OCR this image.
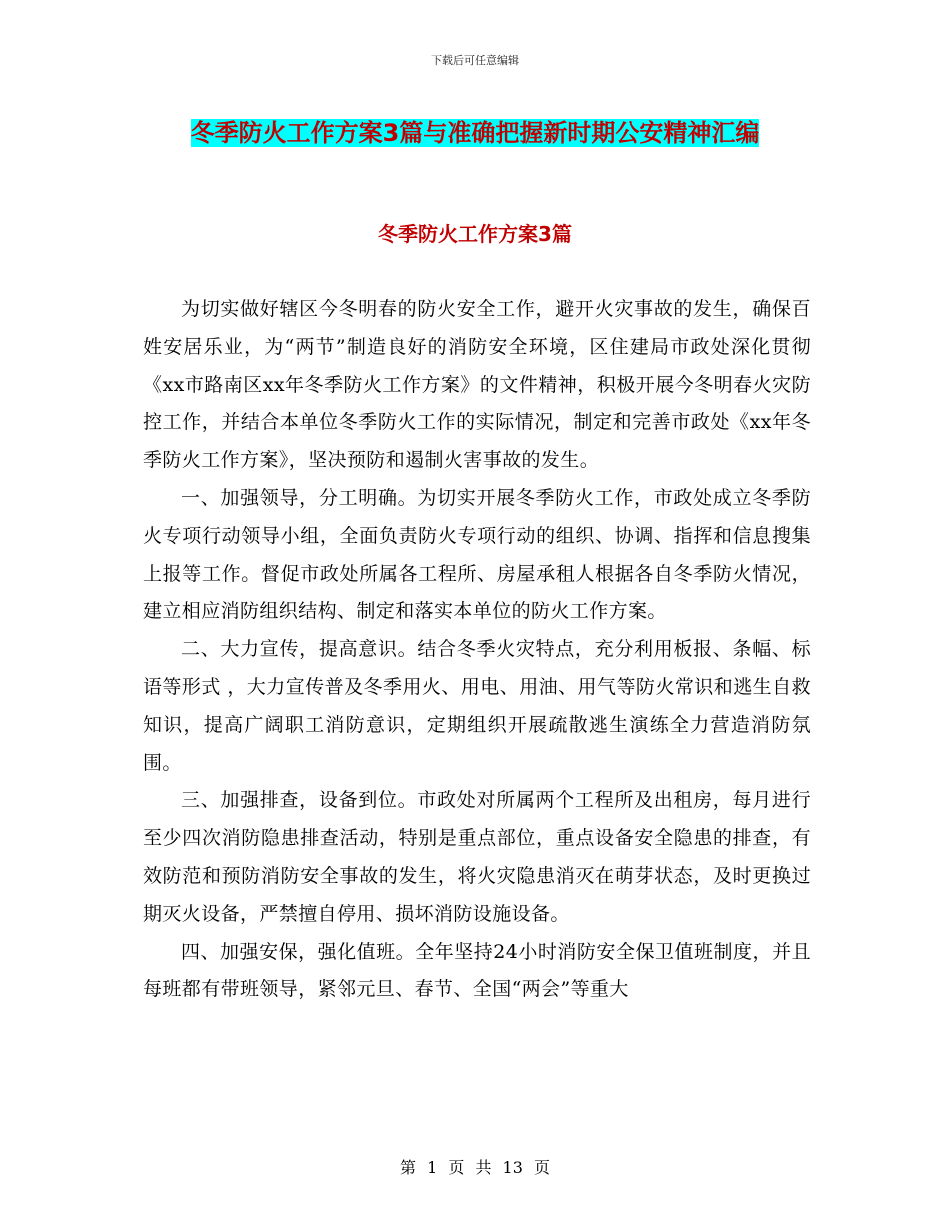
下载后可任意编辑
冬季防火工作方案3篇与准确把握新时期公安精神汇编
冬季防火工作方案3篇

为切实做好辖区今冬明春的防火安全工作，避开火灾事故的发生，确保百姓安居乐业，为“两节”制造良好的消防安全环境，区住建局市政处深化贯彻《xx市路南区xx年冬季防火工作方案》的文件精神，积极开展今冬明春火灾防控工作，并结合本单位冬季防火工作的实际情况，制定和完善市政处《xx年冬季防火工作方案》，坚决预防和遏制火害事故的发生。

一、加强领导，分工明确。为切实开展冬季防火工作，市政处成立冬季防火专项行动领导小组，全面负责防火专项行动的组织、协调、指挥和信息搜集上报等工作。督促市政处所属各工程所、房屋承租人根据各自冬季防火情况，建立相应消防组织结构、制定和落实本单位的防火工作方案。

二、大力宣传，提高意识。结合冬季火灾特点，充分利用板报、条幅、标语等形式 ，大力宣传普及冬季用火、用电、用油、用气等防火常识和逃生自救知识，提高广阔职工消防意识，定期组织开展疏散逃生演练全力营造消防氛围。

三、加强排查，设备到位。市政处对所属两个工程所及出租房，每月进行至少四次消防隐患排查活动，特别是重点部位，重点设备安全隐患的排查，有效防范和预防消防安全事故的发生，将火灾隐患消灭在萌芽状态，及时更换过期灭火设备，严禁擅自停用、损坏消防设施设备。

四、加强安保，强化值班。全年坚持24小时消防安全保卫值班制度，并且每班都有带班领导，紧邻元旦、春节、全国“两会”等重大

第 1 页 共 13 页
